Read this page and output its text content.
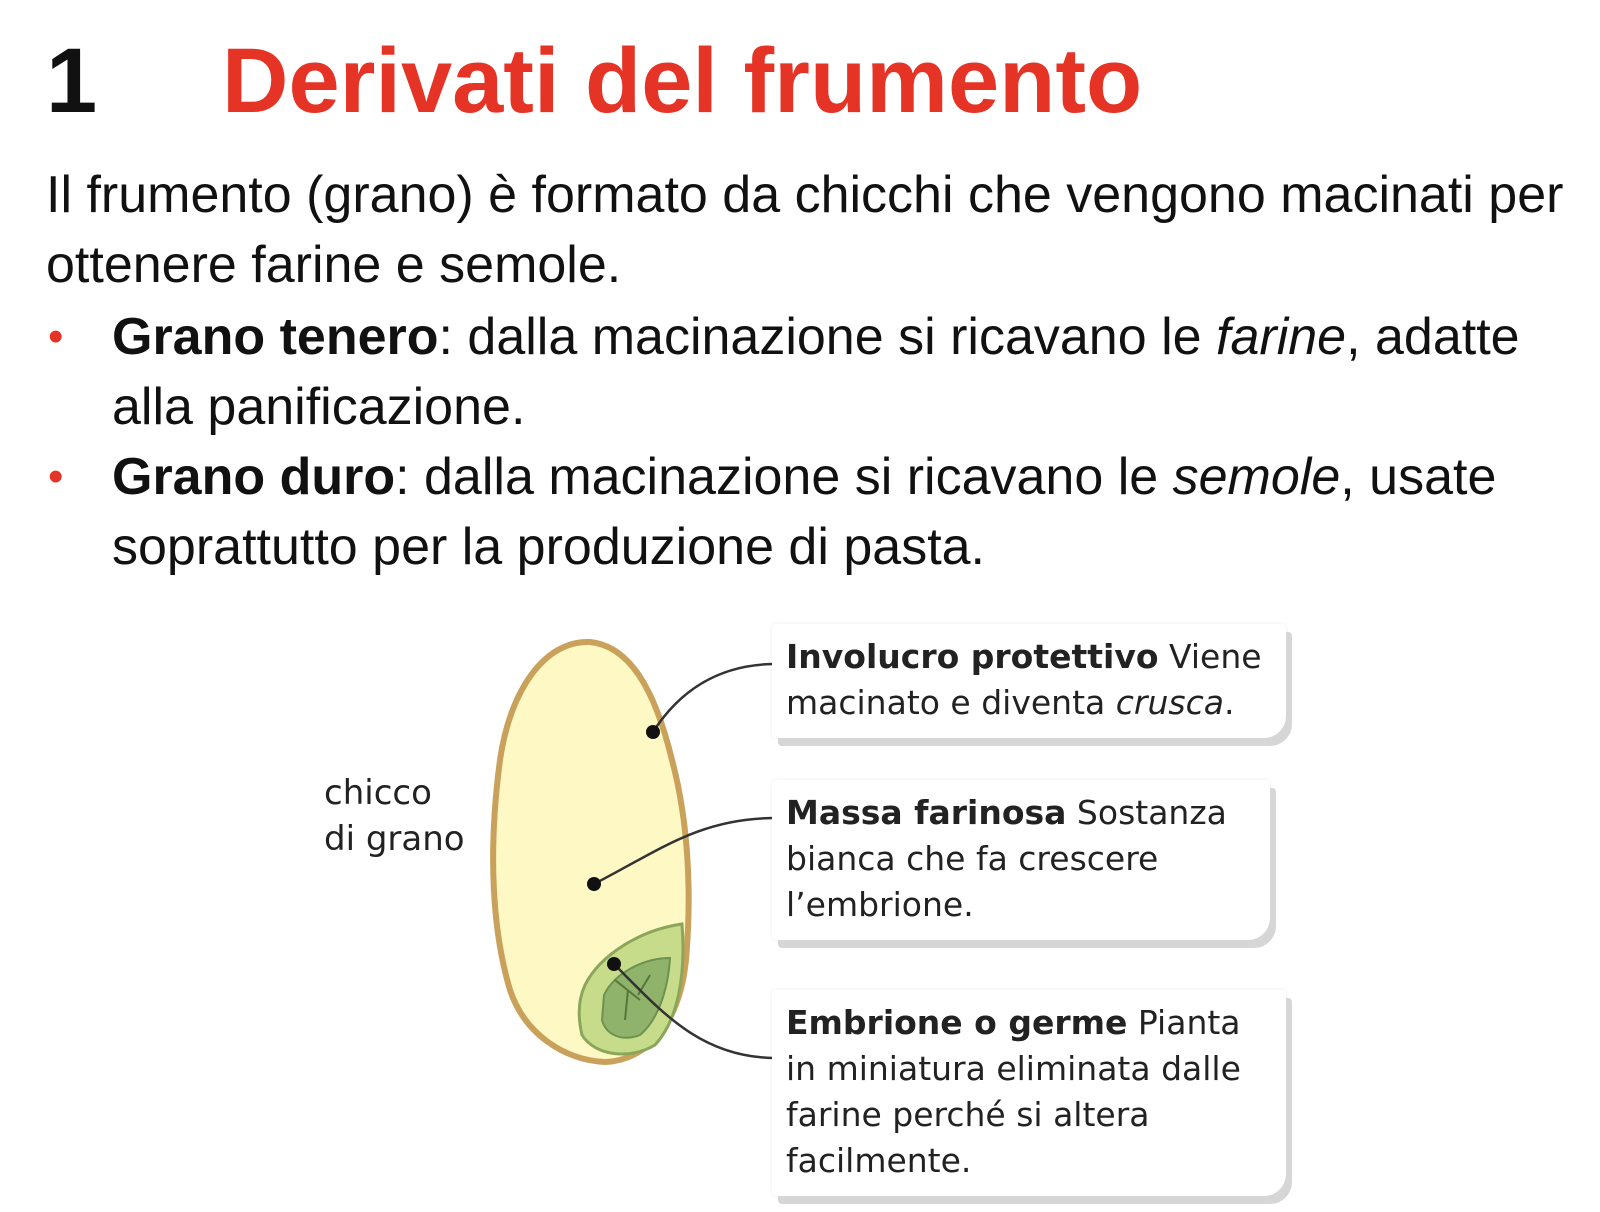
1 Derivati del frumento

Il frumento (grano) è formato da chicchi che vengono macinati per ottenere farine e semole.

• Grano tenero: dalla macinazione si ricavano le farine, adatte alla panificazione.
• Grano duro: dalla macinazione si ricavano le semole, usate soprattutto per la produzione di pasta.
chicco
di grano
Involucro protettivo Viene macinato e diventa crusca.
Massa farinosa Sostanza bianca che fa crescere l’embrione.
Embrione o germe Pianta in miniatura eliminata dalle farine perché si altera facilmente.
